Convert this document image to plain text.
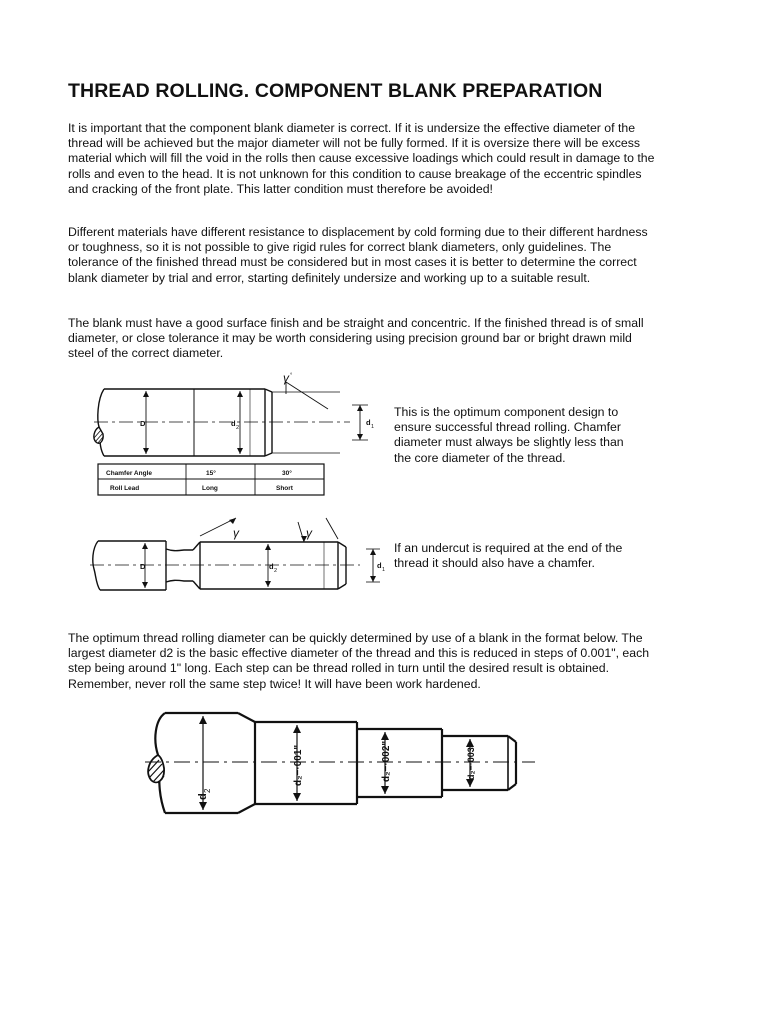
THREAD ROLLING. COMPONENT BLANK PREPARATION

It is important that the component blank diameter is correct. If it is undersize the effective diameter of the thread will be achieved but the major diameter will not be fully formed. If it is oversize there will be excess material which will fill the void in the rolls then cause excessive loadings which could result in damage to the rolls and even to the head. It is not unknown for this condition to cause breakage of the eccentric spindles and cracking of the front plate. This latter condition must therefore be avoided!

Different materials have different resistance to displacement by cold forming due to their different hardness or toughness, so it is not possible to give rigid rules for correct blank diameters, only guidelines. The tolerance of the finished thread must be considered but in most cases it is better to determine the correct blank diameter by trial and error, starting definitely undersize and working up to a suitable result.

The blank must have a good surface finish and be straight and concentric. If the finished thread is of small diameter, or close tolerance it may be worth considering using precision ground bar or bright drawn mild steel of the correct diameter.

D	d 2
d 1
γ °
Chamfer Angle	15°	30°
Roll Lead	Long	Short

This is the optimum component design to ensure successful thread rolling. Chamfer diameter must always be slightly less than the core diameter of the thread.

D	d 2
d 1
γ	γ

If an undercut is required at the end of the thread it should also have a chamfer.

The optimum thread rolling diameter can be quickly determined by use of a blank in the format below. The largest diameter d2 is the basic effective diameter of the thread and this is reduced in steps of 0.001", each step being around 1" long. Each step can be thread rolled in turn until the desired result is obtained. Remember, never roll the same step twice! It will have been work hardened.

d
2
d₂−·001"	d₂−·002"	d₂−·003"
